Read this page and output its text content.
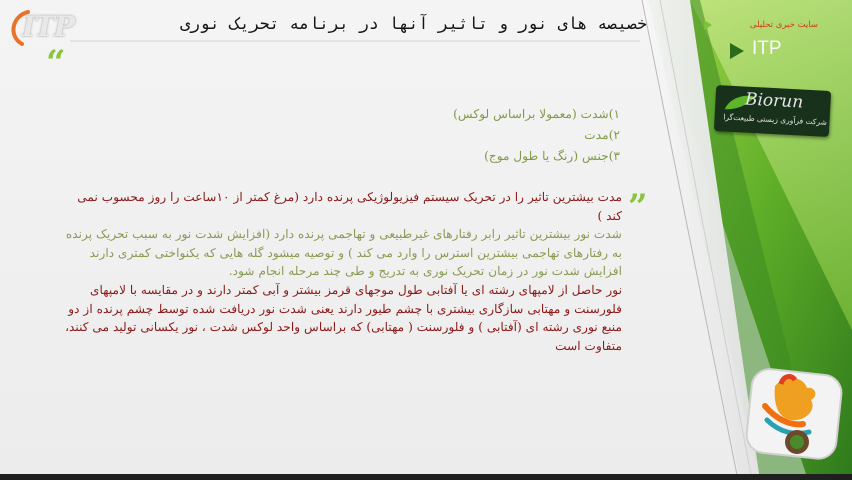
ITP	خصیصه های نور و تاثیر آنها در برنامه تحریک نوری
“
۱)شدت (معمولا براساس لوکس)
۲)مدت
۳)جنس (رنگ یا طول موج)
”
مدت بیشترین تاثیر را در تحریک سیستم فیزیولوژیکی پرنده دارد (مرغ کمتر از ۱۰ساعت را روز محسوب نمی کند )
شدت نور بیشترین تاثیر رابر رفتارهای غیرطبیعی و تهاجمی پرنده دارد (افزایش شدت نور به سبب تحریک پرنده به رفتارهای تهاجمی بیشترین استرس را وارد می کند ) و توصیه میشود گله هایی که یکنواختی کمتری دارند افزایش شدت نور در زمان تحریک نوری به تدریج و طی چند مرحله انجام شود.
نور حاصل از لامپهای رشته ای یا آفتابی طول موجهای قرمز بیشتر و آبی کمتر دارند و در مقایسه با لامپهای فلورسنت و مهتابی سازگاری بیشتری با چشم طیور دارند یعنی شدت نور دریافت شده توسط چشم پرنده از دو منبع نوری رشته ای (آفتابی ) و فلورسنت ( مهتابی) که براساس واحد لوکس شدت ، نور یکسانی تولید می کنند، متفاوت است
سایت خبری تحلیلی
ITP
Biorun
شرکت فرآوری زیستی طبیعت‌گرا
